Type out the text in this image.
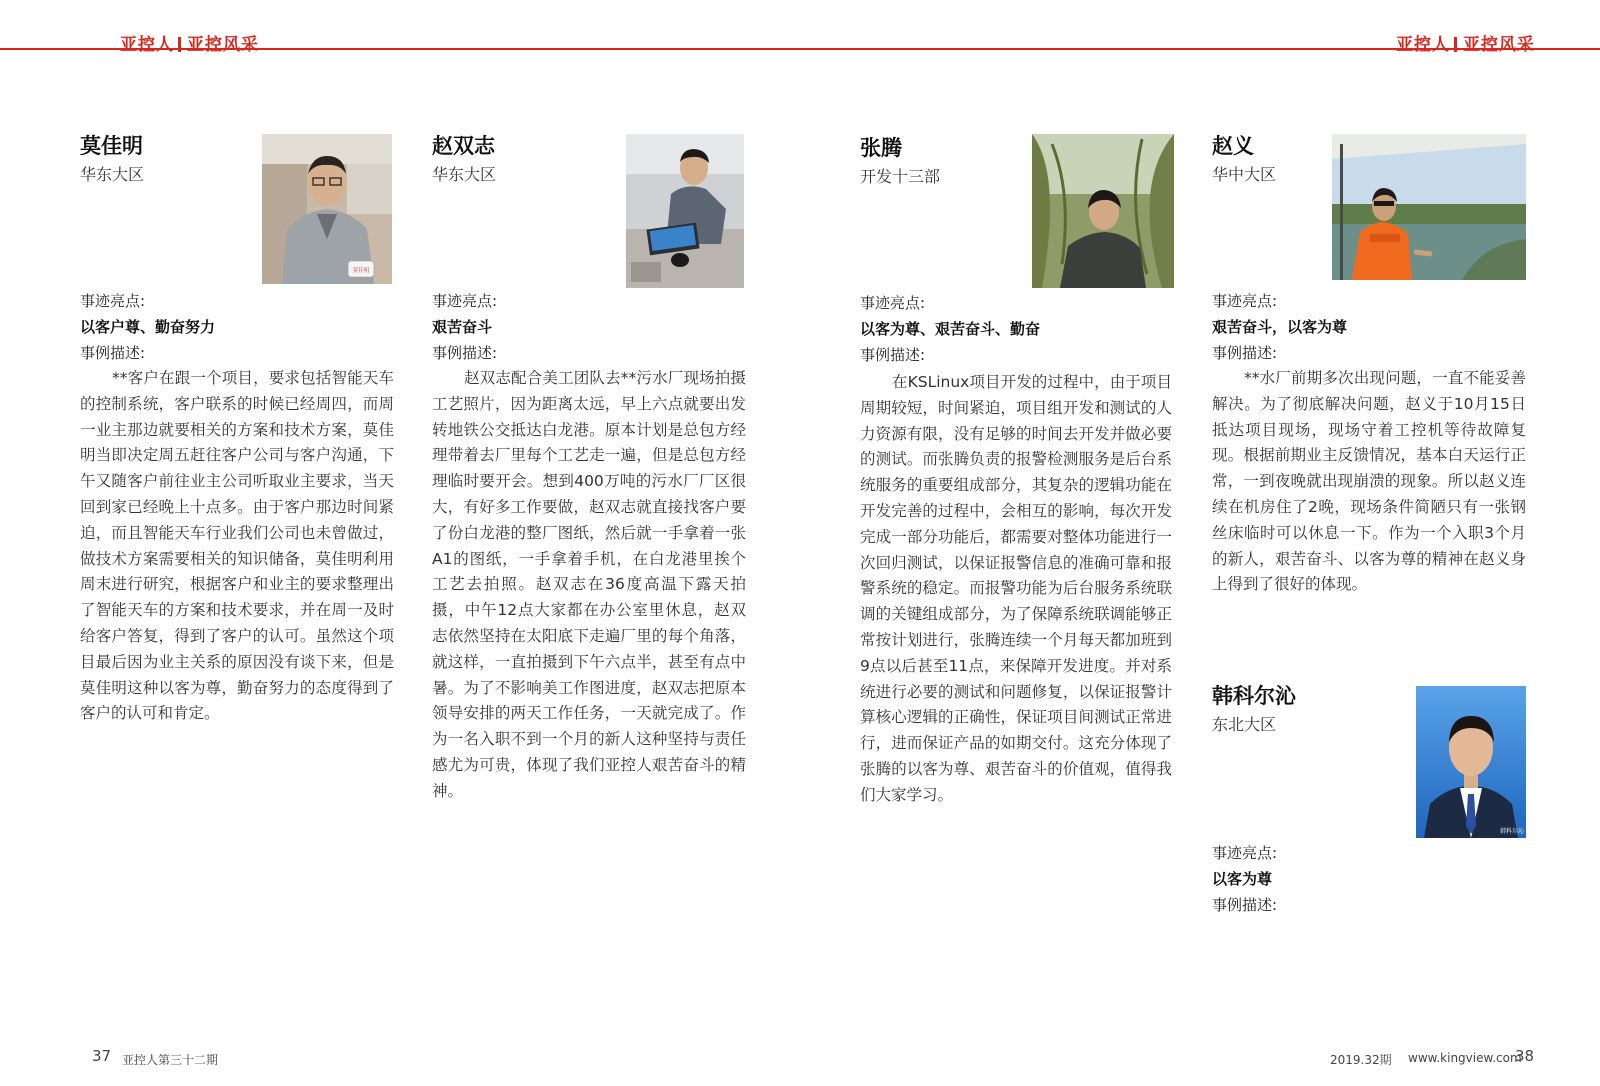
亚控人 亚控风采	亚控人 亚控风采
莫佳明
华东大区
莫佳明
事迹亮点:
以客户尊、勤奋努力
事例描述:

**客户在跟一个项目，要求包括智能天车的控制系统，客户联系的时候已经周四，而周一业主那边就要相关的方案和技术方案，莫佳明当即决定周五赶往客户公司与客户沟通，下午又随客户前往业主公司听取业主要求，当天回到家已经晚上十点多。由于客户那边时间紧迫，而且智能天车行业我们公司也未曾做过，做技术方案需要相关的知识储备，莫佳明利用周末进行研究，根据客户和业主的要求整理出了智能天车的方案和技术要求，并在周一及时给客户答复，得到了客户的认可。虽然这个项目最后因为业主关系的原因没有谈下来，但是莫佳明这种以客为尊，勤奋努力的态度得到了客户的认可和肯定。

赵双志
华东大区
事迹亮点:
艰苦奋斗
事例描述:

赵双志配合美工团队去**污水厂现场拍摄工艺照片，因为距离太远，早上六点就要出发转地铁公交抵达白龙港。原本计划是总包方经理带着去厂里每个工艺走一遍，但是总包方经理临时要开会。想到400万吨的污水厂厂区很大，有好多工作要做，赵双志就直接找客户要了份白龙港的整厂图纸，然后就一手拿着一张A1的图纸，一手拿着手机，在白龙港里挨个工艺去拍照。赵双志在36度高温下露天拍摄，中午12点大家都在办公室里休息，赵双志依然坚持在太阳底下走遍厂里的每个角落，就这样，一直拍摄到下午六点半，甚至有点中暑。为了不影响美工作图进度，赵双志把原本领导安排的两天工作任务，一天就完成了。作为一名入职不到一个月的新人这种坚持与责任感尤为可贵，体现了我们亚控人艰苦奋斗的精神。

张腾
开发十三部
事迹亮点:
以客为尊、艰苦奋斗、勤奋
事例描述:

在KSLinux项目开发的过程中，由于项目周期较短，时间紧迫，项目组开发和测试的人力资源有限，没有足够的时间去开发并做必要的测试。而张腾负责的报警检测服务是后台系统服务的重要组成部分，其复杂的逻辑功能在开发完善的过程中，会相互的影响，每次开发完成一部分功能后，都需要对整体功能进行一次回归测试，以保证报警信息的准确可靠和报警系统的稳定。而报警功能为后台服务系统联调的关键组成部分，为了保障系统联调能够正常按计划进行，张腾连续一个月每天都加班到9点以后甚至11点，来保障开发进度。并对系统进行必要的测试和问题修复，以保证报警计算核心逻辑的正确性，保证项目间测试正常进行，进而保证产品的如期交付。这充分体现了张腾的以客为尊、艰苦奋斗的价值观，值得我们大家学习。

赵义
华中大区
事迹亮点:
艰苦奋斗，以客为尊
事例描述:

**水厂前期多次出现问题，一直不能妥善解决。为了彻底解决问题，赵义于10月15日抵达项目现场，现场守着工控机等待故障复现。根据前期业主反馈情况，基本白天运行正常，一到夜晚就出现崩溃的现象。所以赵义连续在机房住了2晚，现场条件简陋只有一张钢丝床临时可以休息一下。作为一个入职3个月的新人，艰苦奋斗、以客为尊的精神在赵义身上得到了很好的体现。

韩科尔沁
东北大区
韩科尔沁
事迹亮点:
以客为尊
事例描述:
37 亚控人第三十二期	2019.32期 www.kingview.com
38
